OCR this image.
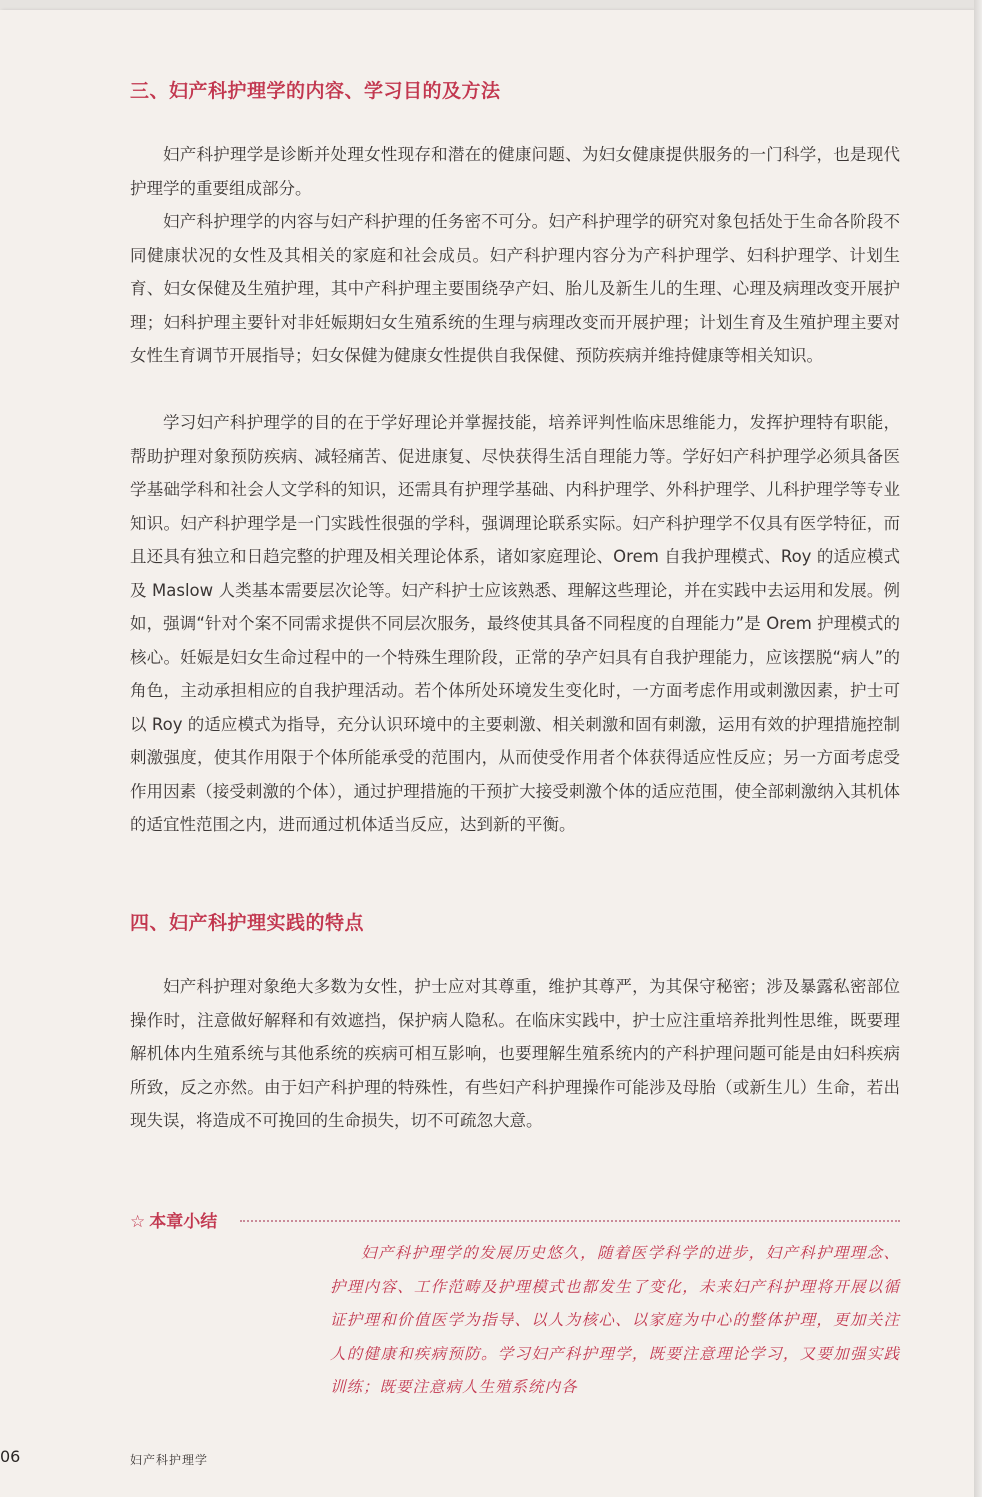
三、妇产科护理学的内容、学习目的及方法

妇产科护理学是诊断并处理女性现存和潜在的健康问题、为妇女健康提供服务的一门科学，也是现代护理学的重要组成部分。

妇产科护理学的内容与妇产科护理的任务密不可分。妇产科护理学的研究对象包括处于生命各阶段不同健康状况的女性及其相关的家庭和社会成员。妇产科护理内容分为产科护理学、妇科护理学、计划生育、妇女保健及生殖护理，其中产科护理主要围绕孕产妇、胎儿及新生儿的生理、心理及病理改变开展护理；妇科护理主要针对非妊娠期妇女生殖系统的生理与病理改变而开展护理；计划生育及生殖护理主要对女性生育调节开展指导；妇女保健为健康女性提供自我保健、预防疾病并维持健康等相关知识。

学习妇产科护理学的目的在于学好理论并掌握技能，培养评判性临床思维能力，发挥护理特有职能，帮助护理对象预防疾病、减轻痛苦、促进康复、尽快获得生活自理能力等。学好妇产科护理学必须具备医学基础学科和社会人文学科的知识，还需具有护理学基础、内科护理学、外科护理学、儿科护理学等专业知识。妇产科护理学是一门实践性很强的学科，强调理论联系实际。妇产科护理学不仅具有医学特征，而且还具有独立和日趋完整的护理及相关理论体系，诸如家庭理论、Orem 自我护理模式、Roy 的适应模式及 Maslow 人类基本需要层次论等。妇产科护士应该熟悉、理解这些理论，并在实践中去运用和发展。例如，强调“针对个案不同需求提供不同层次服务，最终使其具备不同程度的自理能力”是 Orem 护理模式的核心。妊娠是妇女生命过程中的一个特殊生理阶段，正常的孕产妇具有自我护理能力，应该摆脱“病人”的角色，主动承担相应的自我护理活动。若个体所处环境发生变化时，一方面考虑作用或刺激因素，护士可以 Roy 的适应模式为指导，充分认识环境中的主要刺激、相关刺激和固有刺激，运用有效的护理措施控制刺激强度，使其作用限于个体所能承受的范围内，从而使受作用者个体获得适应性反应；另一方面考虑受作用因素（接受刺激的个体），通过护理措施的干预扩大接受刺激个体的适应范围，使全部刺激纳入其机体的适宜性范围之内，进而通过机体适当反应，达到新的平衡。

四、妇产科护理实践的特点

妇产科护理对象绝大多数为女性，护士应对其尊重，维护其尊严，为其保守秘密；涉及暴露私密部位操作时，注意做好解释和有效遮挡，保护病人隐私。在临床实践中，护士应注重培养批判性思维，既要理解机体内生殖系统与其他系统的疾病可相互影响，也要理解生殖系统内的产科护理问题可能是由妇科疾病所致，反之亦然。由于妇产科护理的特殊性，有些妇产科护理操作可能涉及母胎（或新生儿）生命，若出现失误，将造成不可挽回的生命损失，切不可疏忽大意。

☆ 本章小结

妇产科护理学的发展历史悠久，随着医学科学的进步，妇产科护理理念、护理内容、工作范畴及护理模式也都发生了变化，未来妇产科护理将开展以循证护理和价值医学为指导、以人为核心、以家庭为中心的整体护理，更加关注人的健康和疾病预防。学习妇产科护理学，既要注意理论学习，又要加强实践训练；既要注意病人生殖系统内各

06	妇产科护理学
